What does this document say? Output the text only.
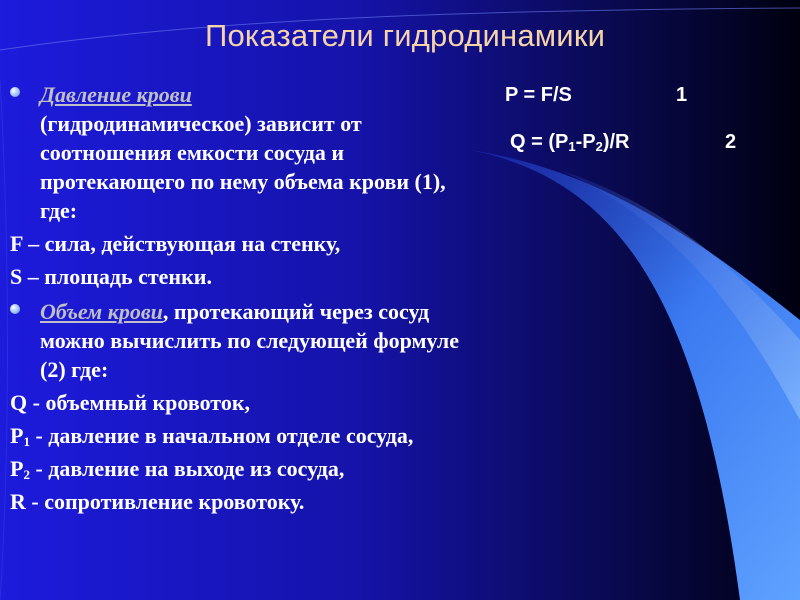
Показатели гидродинамики
P = F/S	1
$Q = (P_1-P_2)/R$	2
Давление крови
(гидродинамическое) зависит от соотношения емкости сосуда и протекающего по нему объема крови (1), где:
F – сила, действующая на стенку,
S – площадь стенки.
Объем крови, протекающий через сосуд можно вычислить по следующей формуле (2) где:
Q - объемный кровоток,
$P_1$ - давление в начальном отделе сосуда,
$P_2$ - давление на выходе из сосуда,
R - сопротивление кровотоку.
